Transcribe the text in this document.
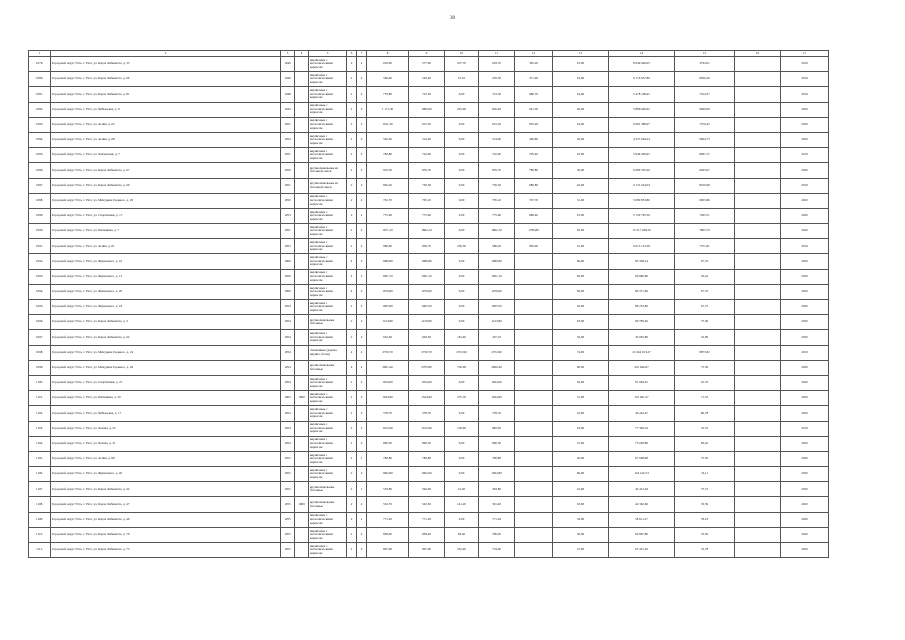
30
1	2	3	4	5	6	7	8	9	10	11	12	13	14	15	16	17
1079.	Городской округ Ухта, г. Ухта, ул. Карла Либкнехта, д. 35	1949		кирпичные с металлическими каркасом	2	2	618,00	577,00	237,70	618,70	395,20	23,00	8 649 946,05	3792,01		2019
1080.	Городской округ Ухта, г. Ухта, ул. Карла Либкнехта, д. 66	1949		кирпичные с металлическими каркасом	2	2	506,40	520,40	47,10	470,30	371,69	23,00	9 176 637,86	0056,26		2019
1081.	Городской округ Ухта, г. Ухта, ул. Карла Либкнехта, д. 81	1948		кирпичные с металлическими каркасом	2	2	779,80	723,50	0,00	723,50	680,70	24,00	5 478 198,45	7164,57		2019
1082.	Городской округ Ухта, г. Ухта, ул. Чибьюская, д. 9	1943		кирпичные с металлическими каркасом	2	2	1 171,30	1082,00	225,60	856,40	641,30	26,00	5 880 646,62	6060,08		2020
1083.	Городской округ Ухта, г. Ухта, ул. Агния, д. 62	1951		кирпичные с металлическими каркасом	2	2	1011,30	915,30	0,00	915,30	835,20	24,00	6 681 389,07	7276,45		2020
1084.	Городской округ Ухта, г. Ухта, ул. Агния, д. 68	1954		кирпичные с металлическими каркасом	2	2	562,20	514,00	0,00	514,00	466,80	26,00	4 527 694,24	0664,73		2020
1085.	Городской округ Ухта, г. Ухта, ул. Чапаевская, д. 7	1951		кирпичные с металлическими каркасом	2	2	782,80	722,60	0,00	722,60	705,40	23,00	5 949 459,95	8091,71		2019
1086.	Городской округ Ухта, г. Ухта, ул. Карла Либкнехта, д. 67	1950		крупнопанельные из бетонной смеси	2	2	976,50	876,70	0,00	876,70	780,80	30,00	6 080 335,20	6945,97		2020
1087.	Городской округ Ухта, г. Ухта, ул. Карла Либкнехта, д. 69	1951		крупнопанельные из бетонной смеси	2	2	836,20	756,30	0,00	756,30	686,80	42,00	6 131 624,04	8106,98		2019
1088.	Городской округ Ухта, г. Ухта, ул. Мичурина Горького, д. 20	1950		кирпичные с металлическими каркасом	2	2	761,70	705,10	0,00	705,10	707,70	31,00	5 080 833,86	0005,86		2020
1089.	Городской округ Ухта, г. Ухта, ул. Спортивная, д. 17	1953		кирпичные с металлическими каркасом	2	2	775,60	775,60	0,00	775,60	686,40	23,00	5 720 795,39	7295,51		2020
1090.	Городской округ Ухта, г. Ухта, ул. Пятникова, д. 7	1951		кирпичные с металлическими каркасом	2	2	1971,10	1862,10	0,00	1862,10	1789,80	65,00	15 217 048,20	7865,70		2020
1091.	Городской округ Ухта, г. Ухта, ул. Агния, д. 61	1953		кирпичные с металлическими каркасом	2	2	980,90	836,70	250,50	586,20	965,90	41,00	6 613 123,38	7371,81		2019
1092.	Городской округ Ухта, г. Ухта, ул. Жуковского, д. 16	1960		кирпичные с металлическими каркасом	4	2	1086,80	1080,80	0,00	1080,80		66,00	83 338,14	67,76		2020
1093.	Городской округ Ухта, г. Ухта, ул. Жуковского, д. 15	1959		кирпичные с металлическими каркасом	4	2	1061,70	1061,10	0,00	1061,10		82,00	69 896,86	56,42		2020
1094.	Городской округ Ухта, г. Ухта, ул. Жуковского, д. 20	1960		кирпичные с металлическими каркасом	4	2	1076,80	1076,90	0,00	1076,90		82,00	80 371,66	67,76		2020
1095.	Городской округ Ухта, г. Ухта, ул. Жуковского, д. 24	1954		кирпичные с металлическими каркасом	2	2	1005,80	1005,50	0,00	1005,50		62,00	89 253,86	67,75		2020
1096.	Городской округ Ухта, г. Ухта, ул. Карла Либкнехта, д. 3	1954		крупнопанельные бетонные	2	2	1213,80	1219,90	0,00	1213,80		63,00	99 785,92	75,39		2020
1097.	Городской округ Ухта, г. Ухта, ул. Карла Либкнехта, д. 62	1954		кирпичные с металлическими каркасом	2	2	632,00	604,50	145,40	457,10		32,00	43 005,86	52,99		2020
1098.	Городской округ Ухта, г. Ухта, ул. Мичурина Горького, д. 24	1954		смешанные (дерево, кирпич, бетон)	4	2	2750,70	2750,70	2372,90	2372,90		74,00	21 044 013,27	9875,82		2019
1099.	Городской округ Ухта, г. Ухта, ул. Мичурина Горького, д. 26	1954		крупнопанельные бетонные	4	4	2901,40	2795,80	736,00	2060,40		00,00	210 646,07	75,39		2020
1100.	Городской округ Ухта, г. Ухта, ул. Спортивная, д. 27	1954		кирпичные с металлическими каркасом	2	2	1024,00	1024,00	0,00	1024,00		62,00	91 046,01	22,76		2020
1101.	Городской округ Ухта, г. Ухта, ул. Пятникова, д. 20	1963	1990	кирпичные с металлическими каркасом	2	2	1024,90	1544,90	275,70	1024,90		31,00	110 461,27	71,52		2020
1102.	Городской округ Ухта, г. Ухта, ул. Чибьюская, д. 17	1954		кирпичные с металлическими каркасом	2	2	578,70	578,70	0,00	578,70		16,00	46 242,47	80,78		2020
1103.	Городской округ Ухта, г. Ухта, ул. Чехова, д. 25	1954		кирпичные с металлическими каркасом	2	2	1012,90	1012,90	130,90	882,00		23,00	77 309,34	76,35		2019
1104.	Городской округ Ухта, г. Ухта, ул. Чехова, д. 31	1954		кирпичные с металлическими каркасом	2	2	890,30	890,30	0,00	890,30		27,00	73 628,89	82,45		2020
1105.	Городской округ Ухта, г. Ухта, ул. Агния, д. 80	1955		кирпичные с металлическими каркасом	2	1	780,80	780,80	0,00	780,80		40,00	67 608,48	75,56		2020
1106.	Городской округ Ухта, г. Ухта, ул. Жуковского, д. 26	1955		кирпичные с металлическими каркасом	2	2	1062,80	1062,06	0,00	1062,80		66,00	124 416,74	74,11		2020
1107.	Городской округ Ухта, г. Ухта, ул. Карла Либкнехта, д. 42	1955		крупнопанельные бетонные	2	1	579,80	592,00	41,20	393,80		16,00	42 412,94	75,72		2020
1108.	Городской округ Ухта, г. Ухта, ул. Карла Либкнехта, д. 47	1955	1969	крупнопанельные бетонные	2	2	532,70	543,30	141,20	391,40		18,00	42 362,66	76,59		2020
1109.	Городской округ Ухта, г. Ухта, ул. Карла Либкнехта, д. 49	1955		кирпичные с металлическими каркасом	2	1	771,20	771,29	0,00	771,29		32,00	58 611,27	78,23		2020
1110.	Городской округ Ухта, г. Ухта, ул. Карла Либкнехта, д. 70	1955		кирпичные с металлическими каркасом	2	2	838,40	838,40	83,40	786,00		36,00	60 807,86	76,59		2020
1111.	Городской округ Ухта, г. Ухта, ул. Карла Либкнехта, д. 75	1955		кирпичные с металлическими каркасом	2	2	807,00	807,00	252,40	754,60		27,00	65 415,29	76,78		2020
